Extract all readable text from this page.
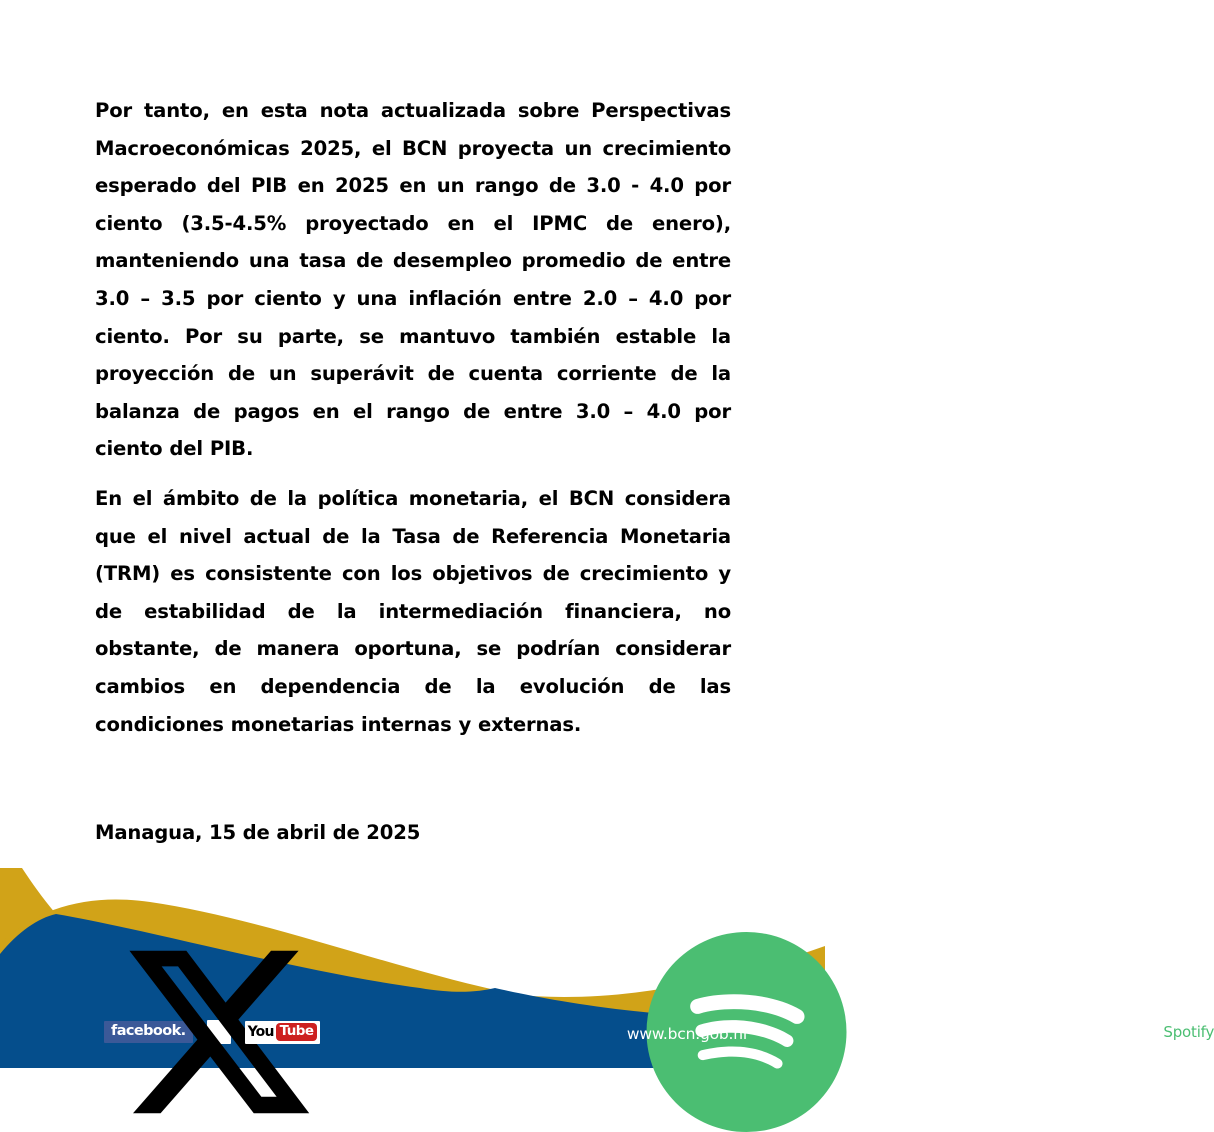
Por tanto, en esta nota actualizada sobre Perspectivas Macroeconómicas 2025, el BCN proyecta un crecimiento esperado del PIB en 2025 en un rango de 3.0 - 4.0 por ciento (3.5-4.5% proyectado en el IPMC de enero), manteniendo una tasa de desempleo promedio de entre 3.0 – 3.5 por ciento y una inflación entre 2.0 – 4.0 por ciento. Por su parte, se mantuvo también estable la proyección de un superávit de cuenta corriente de la balanza de pagos en el rango de entre 3.0 – 4.0 por ciento del PIB.

En el ámbito de la política monetaria, el BCN considera que el nivel actual de la Tasa de Referencia Monetaria (TRM) es consistente con los objetivos de crecimiento y de estabilidad de la intermediación financiera, no obstante, de manera oportuna, se podrían considerar cambios en dependencia de la evolución de las condiciones monetarias internas y externas.

Managua, 15 de abril de 2025
facebook.	You Tube	Spotify
www.bcn.gob.ni
